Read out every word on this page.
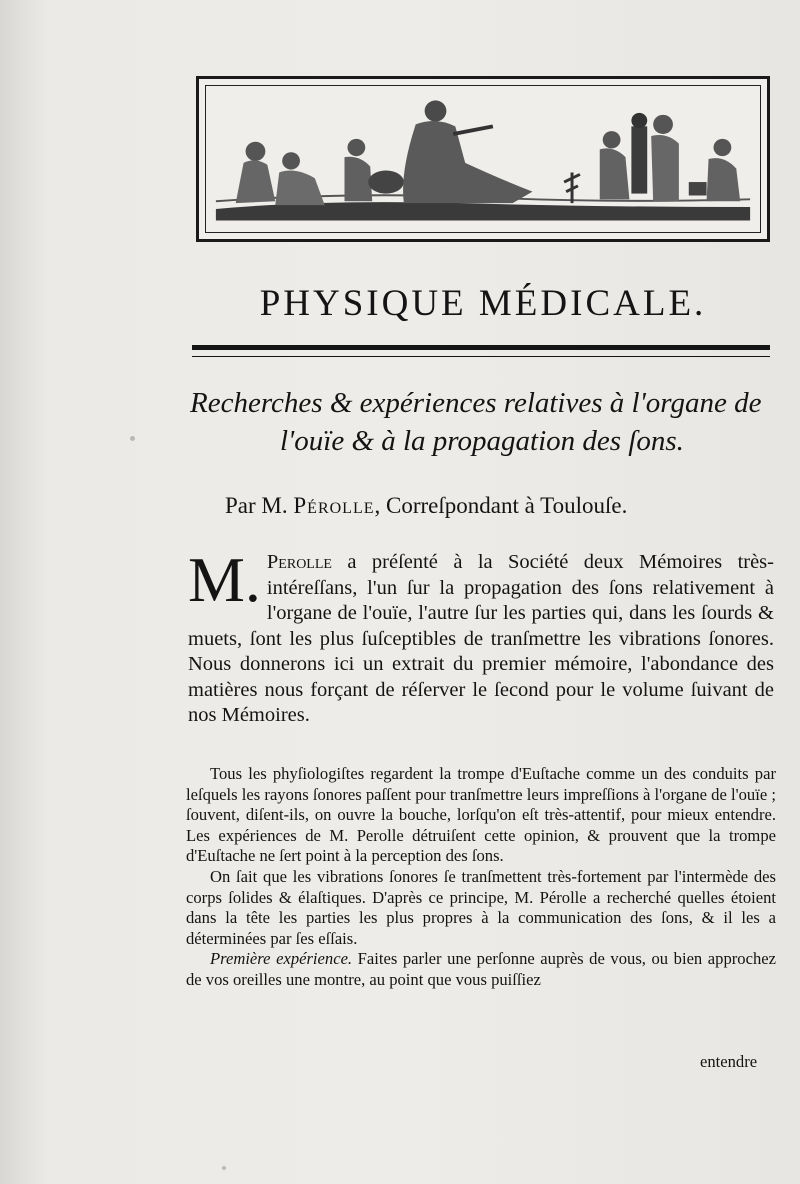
PHYSIQUE MÉDICALE.
Recherches & expériences relatives à l'organe de
l'ouïe & à la propagation des ſons.

Par M. Pérolle, Correſpondant à Toulouſe.

M. Perolle a préſenté à la Société deux Mémoires très-intéreſſans, l'un ſur la propagation des ſons relativement à l'organe de l'ouïe, l'autre ſur les parties qui, dans les ſourds & muets, ſont les plus ſuſceptibles de tranſmettre les vibrations ſonores. Nous donnerons ici un extrait du premier mémoire, l'abondance des matières nous forçant de réſerver le ſecond pour le volume ſuivant de nos Mémoires.

Tous les phyſiologiſtes regardent la trompe d'Euſtache comme un des conduits par leſquels les rayons ſonores paſſent pour tranſmettre leurs impreſſions à l'organe de l'ouïe ; ſouvent, diſent-ils, on ouvre la bouche, lorſqu'on eſt très-attentif, pour mieux entendre. Les expériences de M. Perolle détruiſent cette opinion, & prouvent que la trompe d'Euſtache ne ſert point à la perception des ſons.

On ſait que les vibrations ſonores ſe tranſmettent très-fortement par l'intermède des corps ſolides & élaſtiques. D'après ce principe, M. Pérolle a recherché quelles étoient dans la tête les parties les plus propres à la communication des ſons, & il les a déterminées par ſes eſſais.

Première expérience. Faites parler une perſonne auprès de vous, ou bien approchez de vos oreilles une montre, au point que vous puiſſiez

entendre
